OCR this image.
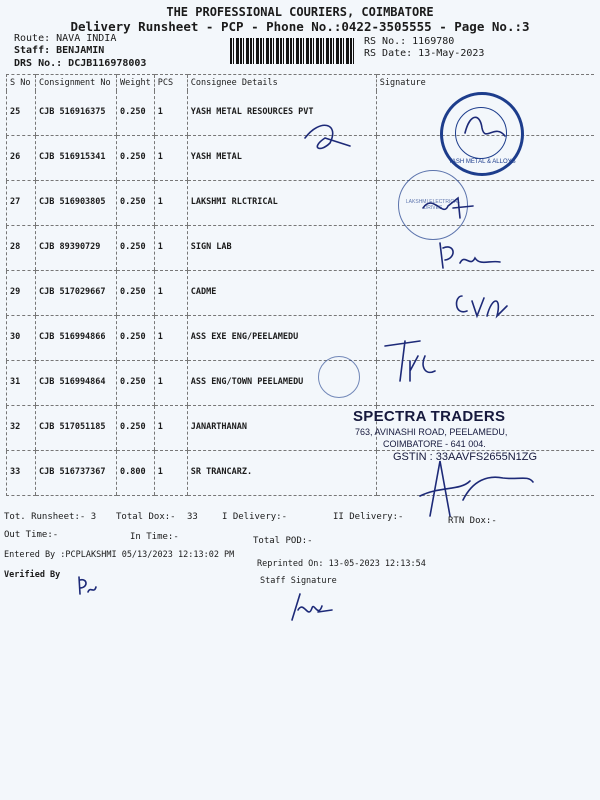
THE PROFESSIONAL COURIERS, COIMBATORE
Delivery Runsheet - PCP - Phone No.:0422-3505555 - Page No.:3
Route: NAVA INDIA
Staff: BENJAMIN
DRS No.: DCJB116978003
RS No.: 1169780
RS Date: 13-May-2023
S No	Consignment No	Weight	PCS	Consignee Details	Signature
25	CJB 516916375	0.250	1	YASH METAL RESOURCES PVT	
26	CJB 516915341	0.250	1	YASH METAL	
27	CJB 516903805	0.250	1	LAKSHMI RLCTRICAL	
28	CJB 89390729	0.250	1	SIGN LAB	
29	CJB 517029667	0.250	1	CADME	
30	CJB 516994866	0.250	1	ASS EXE ENG/PEELAMEDU	
31	CJB 516994864	0.250	1	ASS ENG/TOWN PEELAMEDU	
32	CJB 517051185	0.250	1	JANARTHANAN	
33	CJB 516737367	0.800	1	SR TRANCARZ.	
YASH METAL & ALLOYS
LAKSHMI ELECTRICAL DRIVES
SPECTRA TRADERS
763, AVINASHI ROAD, PEELAMEDU,
COIMBATORE - 641 004.
GSTIN : 33AAVFS2655N1ZG
Tot. Runsheet:- 3 Total Dox:- 33	I Delivery:-	II Delivery:-	RTN Dox:-
Out Time:-	In Time:-	Total POD:-
Entered By :PCPLAKSHMI 05/13/2023 12:13:02 PM
Reprinted On: 13-05-2023 12:13:54
Verified By
Staff Signature
